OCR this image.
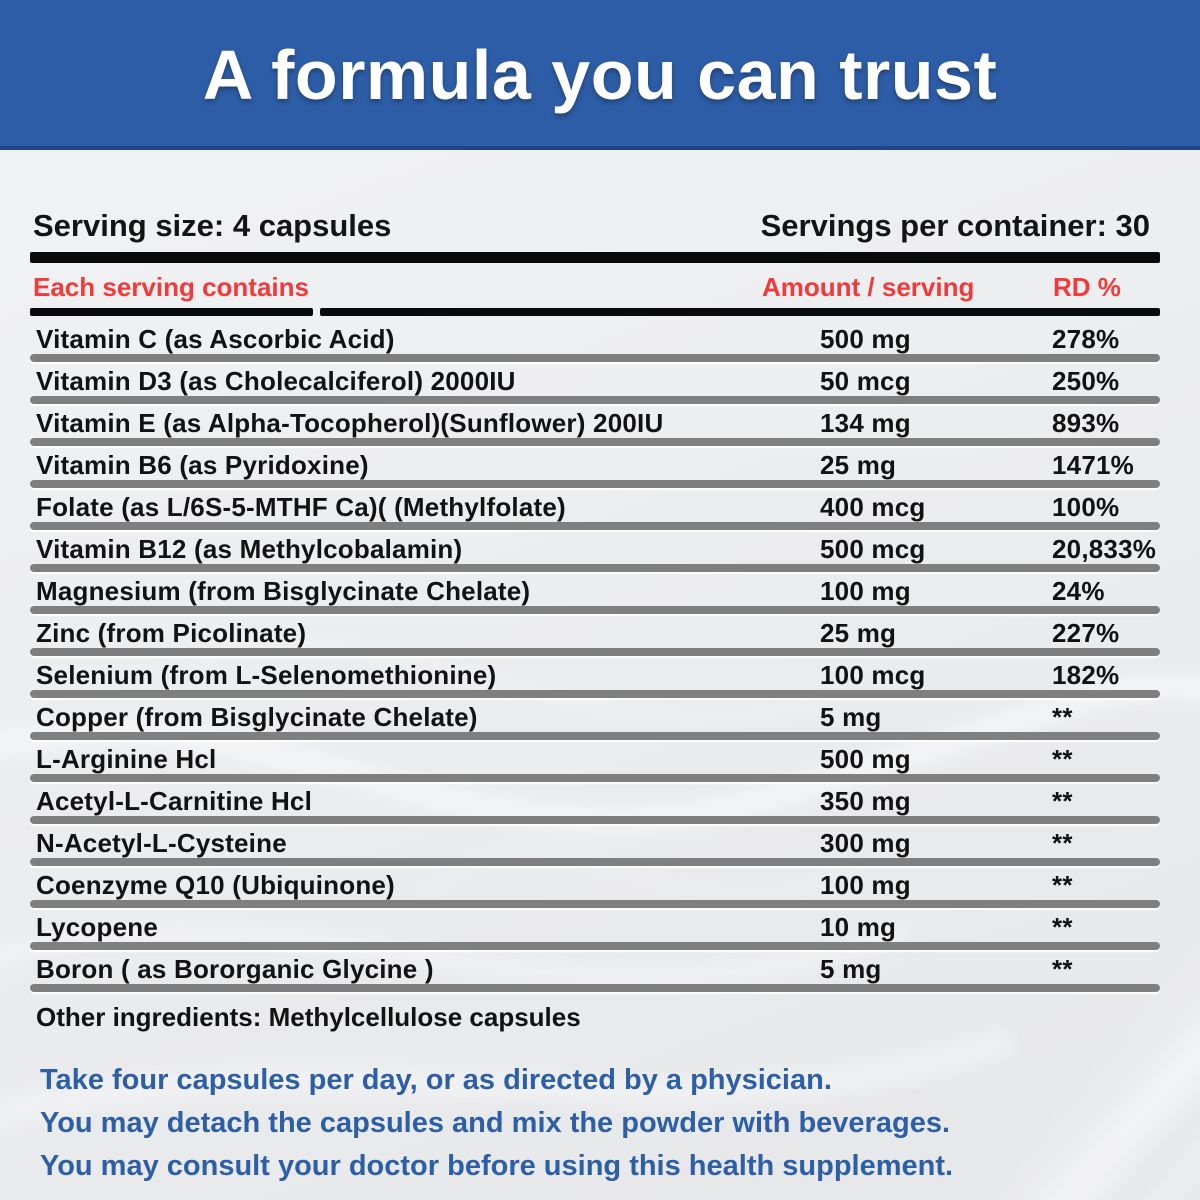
A formula you can trust
Serving size: 4 capsules	Servings per container: 30
Each serving contains	Amount / serving	RD %
Vitamin C (as Ascorbic Acid)	500 mg	278%
Vitamin D3 (as Cholecalciferol) 2000IU	50 mcg	250%
Vitamin E (as Alpha-Tocopherol)(Sunflower) 200IU	134 mg	893%
Vitamin B6 (as Pyridoxine)	25 mg	1471%
Folate (as L/6S-5-MTHF Ca)( (Methylfolate)	400 mcg	100%
Vitamin B12 (as Methylcobalamin)	500 mcg	20,833%
Magnesium (from Bisglycinate Chelate)	100 mg	24%
Zinc (from Picolinate)	25 mg	227%
Selenium (from L-Selenomethionine)	100 mcg	182%
Copper (from Bisglycinate Chelate)	5 mg	**
L-Arginine Hcl	500 mg	**
Acetyl-L-Carnitine Hcl	350 mg	**
N-Acetyl-L-Cysteine	300 mg	**
Coenzyme Q10 (Ubiquinone)	100 mg	**
Lycopene	10 mg	**
Boron ( as Bororganic Glycine )	5 mg	**
Other ingredients: Methylcellulose capsules
Take four capsules per day, or as directed by a physician.
You may detach the capsules and mix the powder with beverages.
You may consult your doctor before using this health supplement.
